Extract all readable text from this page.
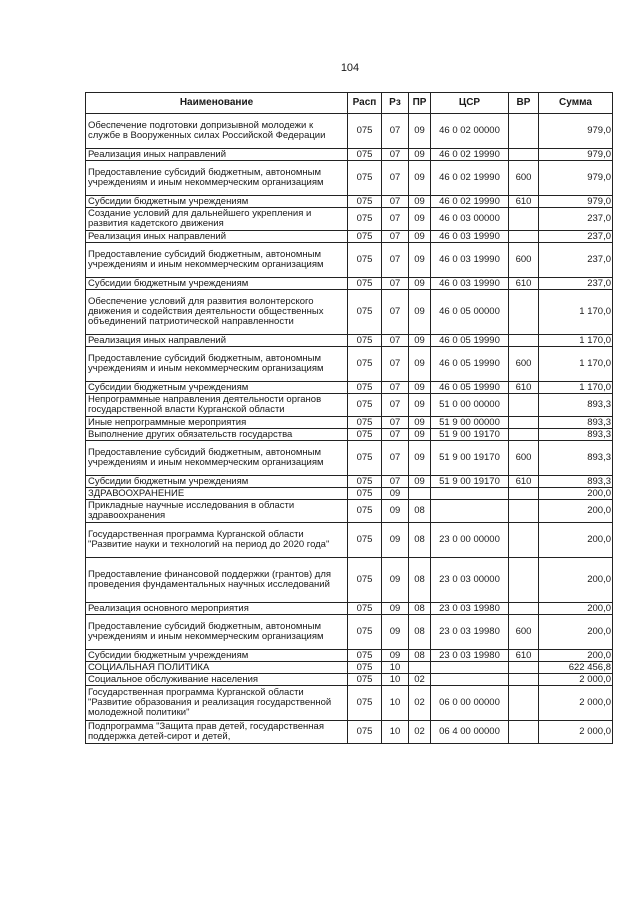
104
Наименование	Расп	Рз	ПР	ЦСР	ВР	Сумма
Обеспечение подготовки допризывной молодежи к службе в Вооруженных силах Российской Федерации	075	07	09	46 0 02 00000		979,0
Реализация иных направлений	075	07	09	46 0 02 19990		979,0
Предоставление субсидий бюджетным, автономным учреждениям и иным некоммерческим организациям	075	07	09	46 0 02 19990	600	979,0
Субсидии бюджетным учреждениям	075	07	09	46 0 02 19990	610	979,0
Создание условий для дальнейшего укрепления и развития кадетского движения	075	07	09	46 0 03 00000		237,0
Реализация иных направлений	075	07	09	46 0 03 19990		237,0
Предоставление субсидий бюджетным, автономным учреждениям и иным некоммерческим организациям	075	07	09	46 0 03 19990	600	237,0
Субсидии бюджетным учреждениям	075	07	09	46 0 03 19990	610	237,0
Обеспечение условий для развития волонтерского движения и содействия деятельности общественных объединений патриотической направленности	075	07	09	46 0 05 00000		1 170,0
Реализация иных направлений	075	07	09	46 0 05 19990		1 170,0
Предоставление субсидий бюджетным, автономным учреждениям и иным некоммерческим организациям	075	07	09	46 0 05 19990	600	1 170,0
Субсидии бюджетным учреждениям	075	07	09	46 0 05 19990	610	1 170,0
Непрограммные направления деятельности органов государственной власти Курганской области	075	07	09	51 0 00 00000		893,3
Иные непрограммные мероприятия	075	07	09	51 9 00 00000		893,3
Выполнение других обязательств государства	075	07	09	51 9 00 19170		893,3
Предоставление субсидий бюджетным, автономным учреждениям и иным некоммерческим организациям	075	07	09	51 9 00 19170	600	893,3
Субсидии бюджетным учреждениям	075	07	09	51 9 00 19170	610	893,3
ЗДРАВООХРАНЕНИЕ	075	09				200,0
Прикладные научные исследования в области здравоохранения	075	09	08			200,0
Государственная программа Курганской области "Развитие науки и технологий на период до 2020 года"	075	09	08	23 0 00 00000		200,0
Предоставление финансовой поддержки (грантов) для проведения фундаментальных научных исследований	075	09	08	23 0 03 00000		200,0
Реализация основного мероприятия	075	09	08	23 0 03 19980		200,0
Предоставление субсидий бюджетным, автономным учреждениям и иным некоммерческим организациям	075	09	08	23 0 03 19980	600	200,0
Субсидии бюджетным учреждениям	075	09	08	23 0 03 19980	610	200,0
СОЦИАЛЬНАЯ ПОЛИТИКА	075	10				622 456,8
Социальное обслуживание населения	075	10	02			2 000,0
Государственная программа Курганской области "Развитие образования и реализация государственной молодежной политики"	075	10	02	06 0 00 00000		2 000,0
Подпрограмма "Защита прав детей, государственная поддержка детей-сирот и детей,	075	10	02	06 4 00 00000		2 000,0
